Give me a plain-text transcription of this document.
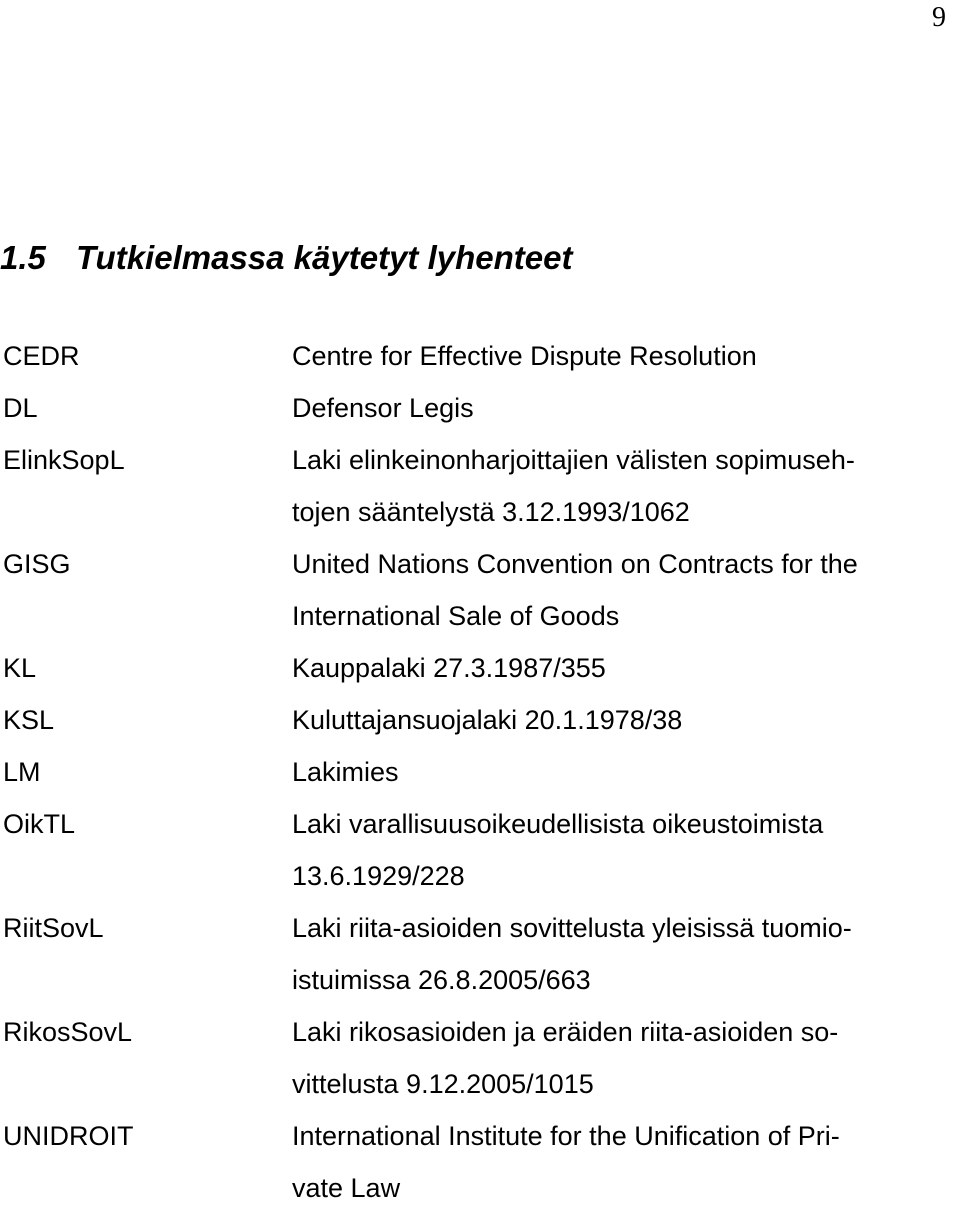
9
1.5 Tutkielmassa käytetyt lyhenteet
CEDR	Centre for Effective Dispute Resolution
DL	Defensor Legis
ElinkSopL	Laki elinkeinonharjoittajien välisten sopimuseh-
tojen sääntelystä 3.12.1993/1062
GISG	United Nations Convention on Contracts for the
International Sale of Goods
KL	Kauppalaki 27.3.1987/355
KSL	Kuluttajansuojalaki 20.1.1978/38
LM	Lakimies
OikTL	Laki varallisuusoikeudellisista oikeustoimista
13.6.1929/228
RiitSovL	Laki riita-asioiden sovittelusta yleisissä tuomio-
istuimissa 26.8.2005/663
RikosSovL	Laki rikosasioiden ja eräiden riita-asioiden so-
vittelusta 9.12.2005/1015
UNIDROIT	International Institute for the Unification of Pri-
vate Law
